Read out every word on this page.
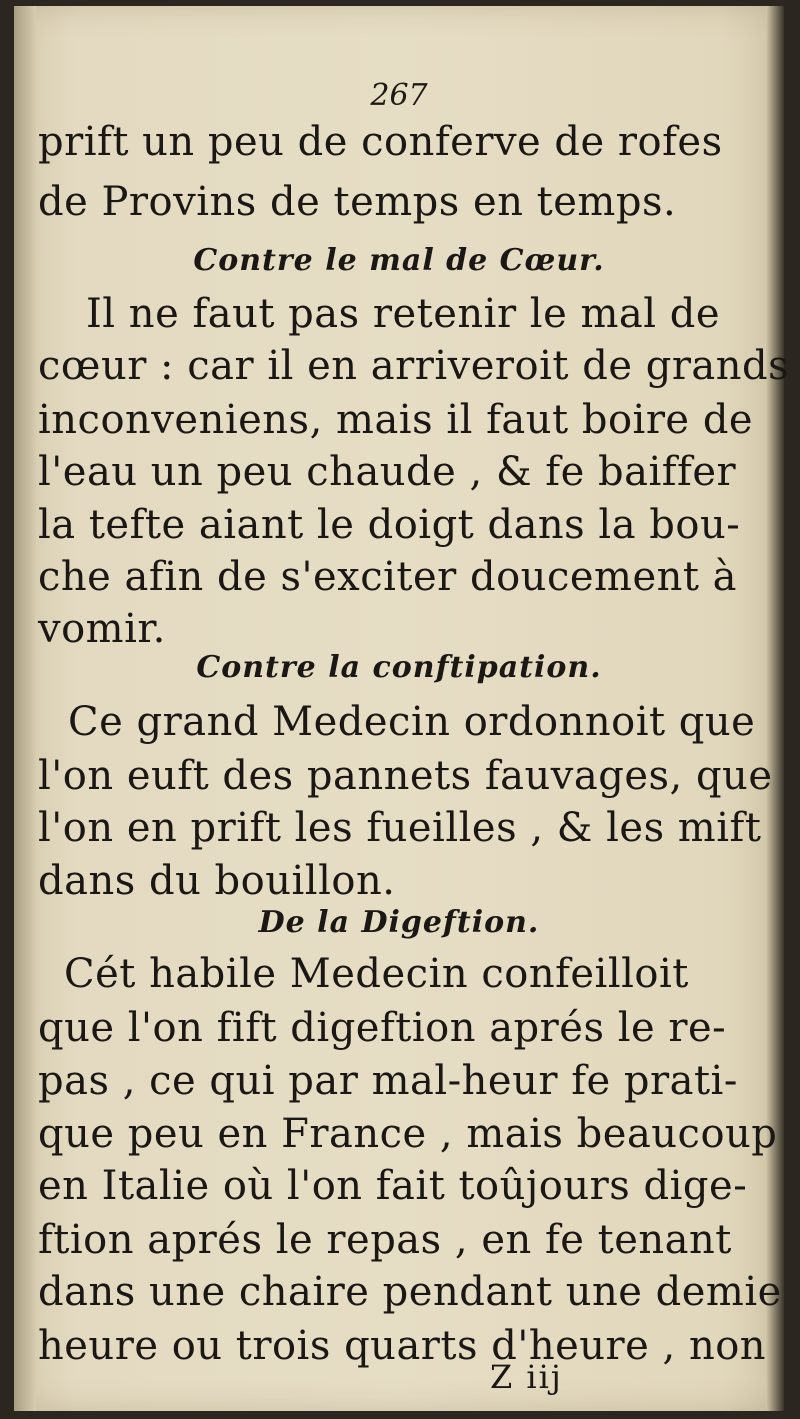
267
prift un peu de conferve de rofes
de Provins de temps en temps.
Contre le mal de Cœur.
Il ne faut pas retenir le mal de
cœur : car il en arriveroit de grands
inconveniens, mais il faut boire de
l'eau un peu chaude , & fe baiffer
la tefte aiant le doigt dans la bou-
che afin de s'exciter doucement à
vomir.
Contre la conftipation.
Ce grand Medecin ordonnoit que
l'on euft des pannets fauvages, que
l'on en prift les fueilles , & les mift
dans du bouillon.
De la Digeftion.
Cét habile Medecin confeilloit
que l'on fift digeftion aprés le re-
pas , ce qui par mal-heur fe prati-
que peu en France , mais beaucoup
en Italie où l'on fait toûjours dige-
ftion aprés le repas , en fe tenant
dans une chaire pendant une demie
heure ou trois quarts d'heure , non
Z iij
